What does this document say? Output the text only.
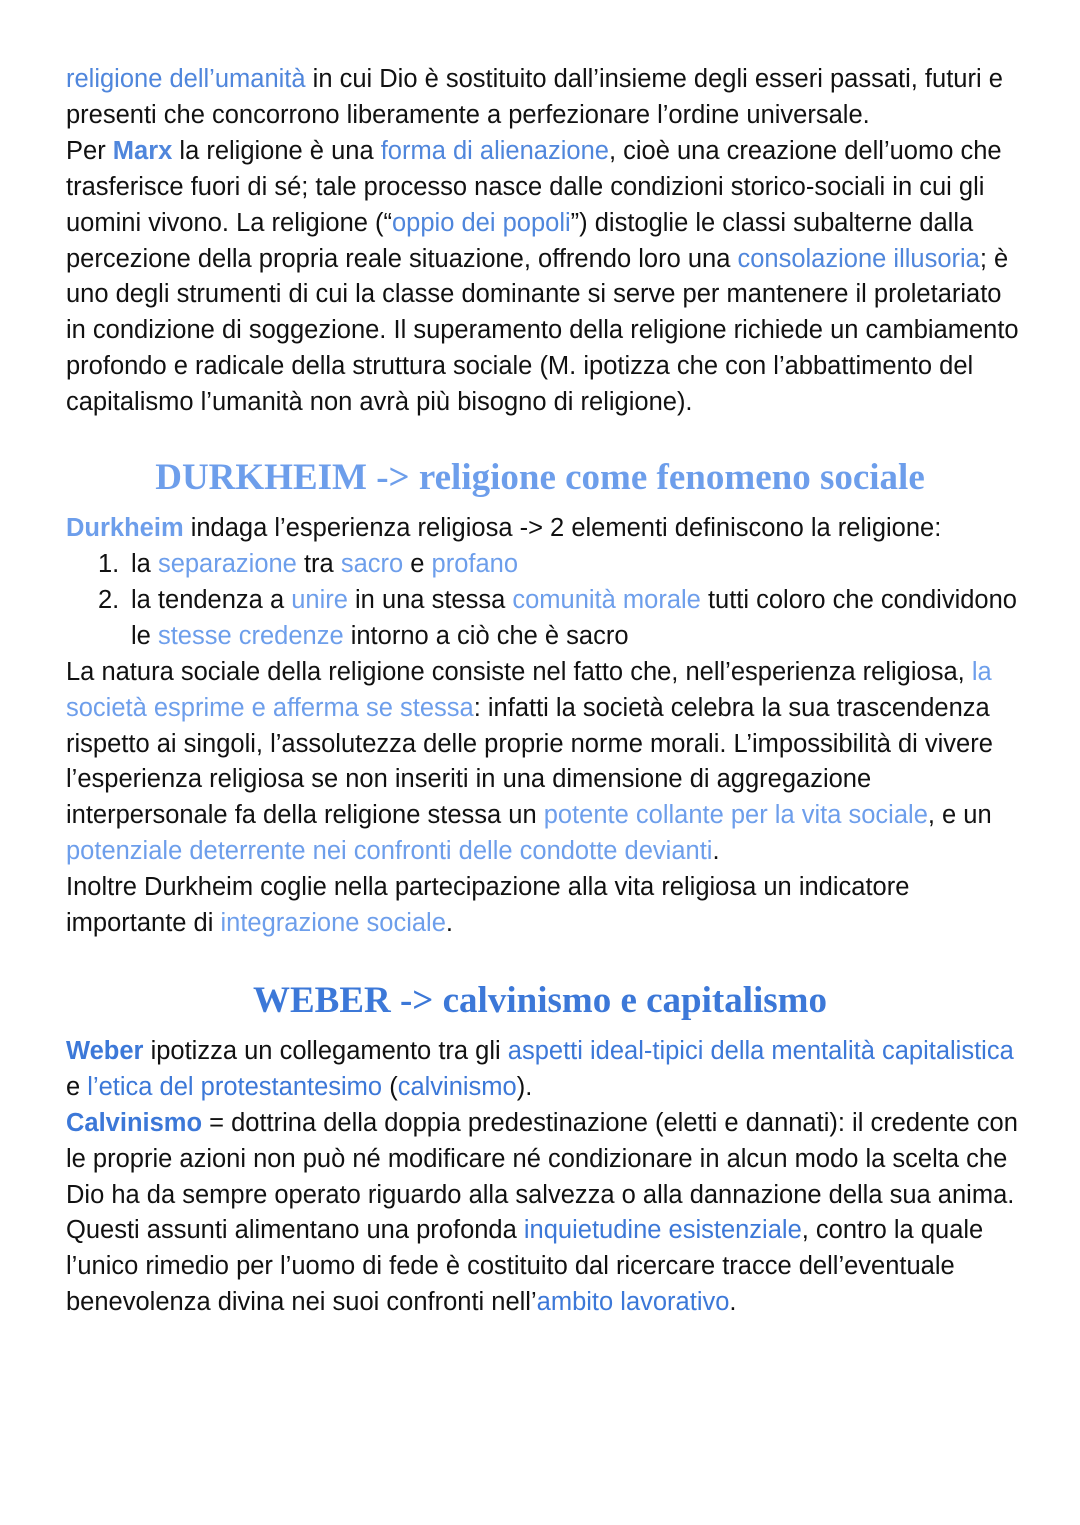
religione dell’umanità in cui Dio è sostituito dall’insieme degli esseri passati, futuri e presenti che concorrono liberamente a perfezionare l’ordine universale.

Per Marx la religione è una forma di alienazione, cioè una creazione dell’uomo che trasferisce fuori di sé; tale processo nasce dalle condizioni storico-sociali in cui gli uomini vivono. La religione (“oppio dei popoli”) distoglie le classi subalterne dalla percezione della propria reale situazione, offrendo loro una consolazione illusoria; è uno degli strumenti di cui la classe dominante si serve per mantenere il proletariato in condizione di soggezione. Il superamento della religione richiede un cambiamento profondo e radicale della struttura sociale (M. ipotizza che con l’abbattimento del capitalismo l’umanità non avrà più bisogno di religione).

DURKHEIM -> religione come fenomeno sociale

Durkheim indaga l’esperienza religiosa -> 2 elementi definiscono la religione:

1. la separazione tra sacro e profano
2. la tendenza a unire in una stessa comunità morale tutti coloro che condividono le stesse credenze intorno a ciò che è sacro

La natura sociale della religione consiste nel fatto che, nell’esperienza religiosa, la società esprime e afferma se stessa: infatti la società celebra la sua trascendenza rispetto ai singoli, l’assolutezza delle proprie norme morali. L’impossibilità di vivere l’esperienza religiosa se non inseriti in una dimensione di aggregazione interpersonale fa della religione stessa un potente collante per la vita sociale, e un potenziale deterrente nei confronti delle condotte devianti.

Inoltre Durkheim coglie nella partecipazione alla vita religiosa un indicatore importante di integrazione sociale.

WEBER -> calvinismo e capitalismo

Weber ipotizza un collegamento tra gli aspetti ideal-tipici della mentalità capitalistica e l’etica del protestantesimo (calvinismo).

Calvinismo = dottrina della doppia predestinazione (eletti e dannati): il credente con le proprie azioni non può né modificare né condizionare in alcun modo la scelta che Dio ha da sempre operato riguardo alla salvezza o alla dannazione della sua anima.

Questi assunti alimentano una profonda inquietudine esistenziale, contro la quale l’unico rimedio per l’uomo di fede è costituito dal ricercare tracce dell’eventuale benevolenza divina nei suoi confronti nell’ambito lavorativo.
